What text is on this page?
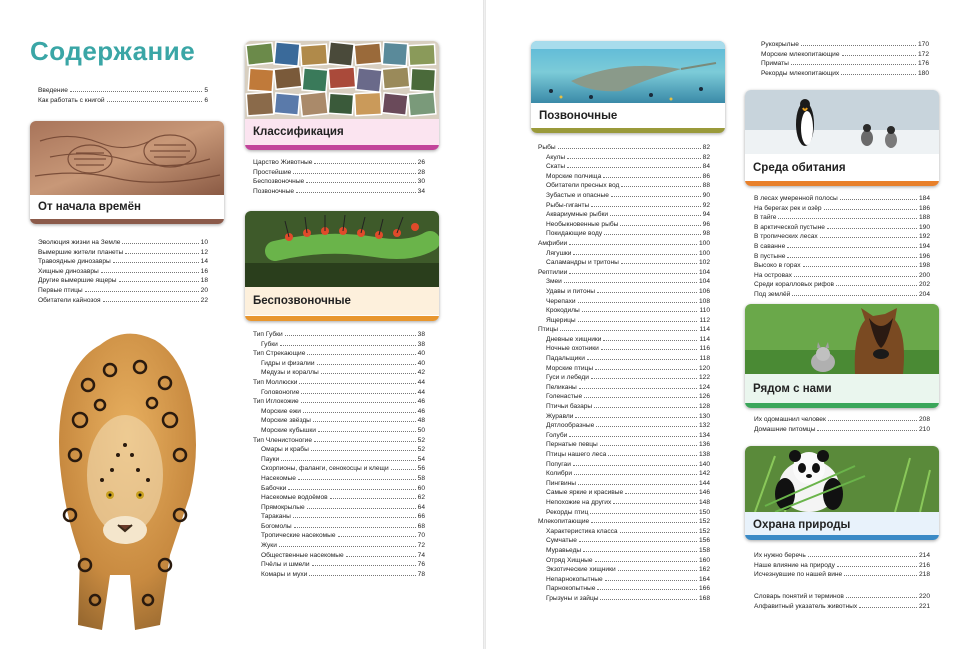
Содержание
Введение	5
Как работать с книгой	6
От начала времён
Эволюция жизни на Земле	10
Вымершие жители планеты	12
Травоядные динозавры	14
Хищные динозавры	16
Другие вымершие ящеры	18
Первые птицы	20
Обитатели кайнозоя	22
Классификация
Царство Животные	26
Простейшие	28
Беспозвоночные	30
Позвоночные	34
Беспозвоночные
Тип Губки	38
Губки	38
Тип Стрекающие	40
Гидры и физалии	40
Медузы и кораллы	42
Тип Моллюски	44
Головоногие	44
Тип Иглокожие	46
Морские ежи	46
Морские звёзды	48
Морские кубышки	50
Тип Членистоногие	52
Омары и крабы	52
Пауки	54
Скорпионы, фаланги, сенокосцы и клещи	56
Насекомые	58
Бабочки	60
Насекомые водоёмов	62
Прямокрылые	64
Тараканы	66
Богомолы	68
Тропические насекомые	70
Жуки	72
Общественные насекомые	74
Пчёлы и шмели	76
Комары и мухи	78
Позвоночные
Рыбы	82
Акулы	82
Скаты	84
Морские полчища	86
Обитатели пресных вод	88
Зубастые и опасные	90
Рыбы-гиганты	92
Аквариумные рыбки	94
Необыкновенные рыбы	96
Покидающие воду	98
Амфибии	100
Лягушки	100
Саламандры и тритоны	102
Рептилии	104
Змеи	104
Удавы и питоны	106
Черепахи	108
Крокодилы	110
Ящерицы	112
Птицы	114
Дневные хищники	114
Ночные охотники	116
Падальщики	118
Морские птицы	120
Гуси и лебеди	122
Пеликаны	124
Голенастые	126
Птичьи базары	128
Журавли	130
Дятлообразные	132
Голуби	134
Пернатые певцы	136
Птицы нашего леса	138
Попугаи	140
Колибри	142
Пингвины	144
Самые яркие и красивые	146
Непохожие на других	148
Рекорды птиц	150
Млекопитающие	152
Характеристика класса	152
Сумчатые	156
Муравьеды	158
Отряд Хищные	160
Экзотические хищники	162
Непарнокопытные	164
Парнокопытные	166
Грызуны и зайцы	168
Рукокрылые	170
Морские млекопитающие	172
Приматы	176
Рекорды млекопитающих	180
Среда обитания
В лесах умеренной полосы	184
На берегах рек и озёр	186
В тайге	188
В арктической пустыне	190
В тропических лесах	192
В саванне	194
В пустыне	196
Высоко в горах	198
На островах	200
Среди коралловых рифов	202
Под землёй	204
Рядом с нами
Их одомашнил человек	208
Домашние питомцы	210
Охрана природы
Их нужно беречь	214
Наше влияние на природу	216
Исчезнувшие по нашей вине	218
Словарь понятий и терминов	220
Алфавитный указатель животных	221
